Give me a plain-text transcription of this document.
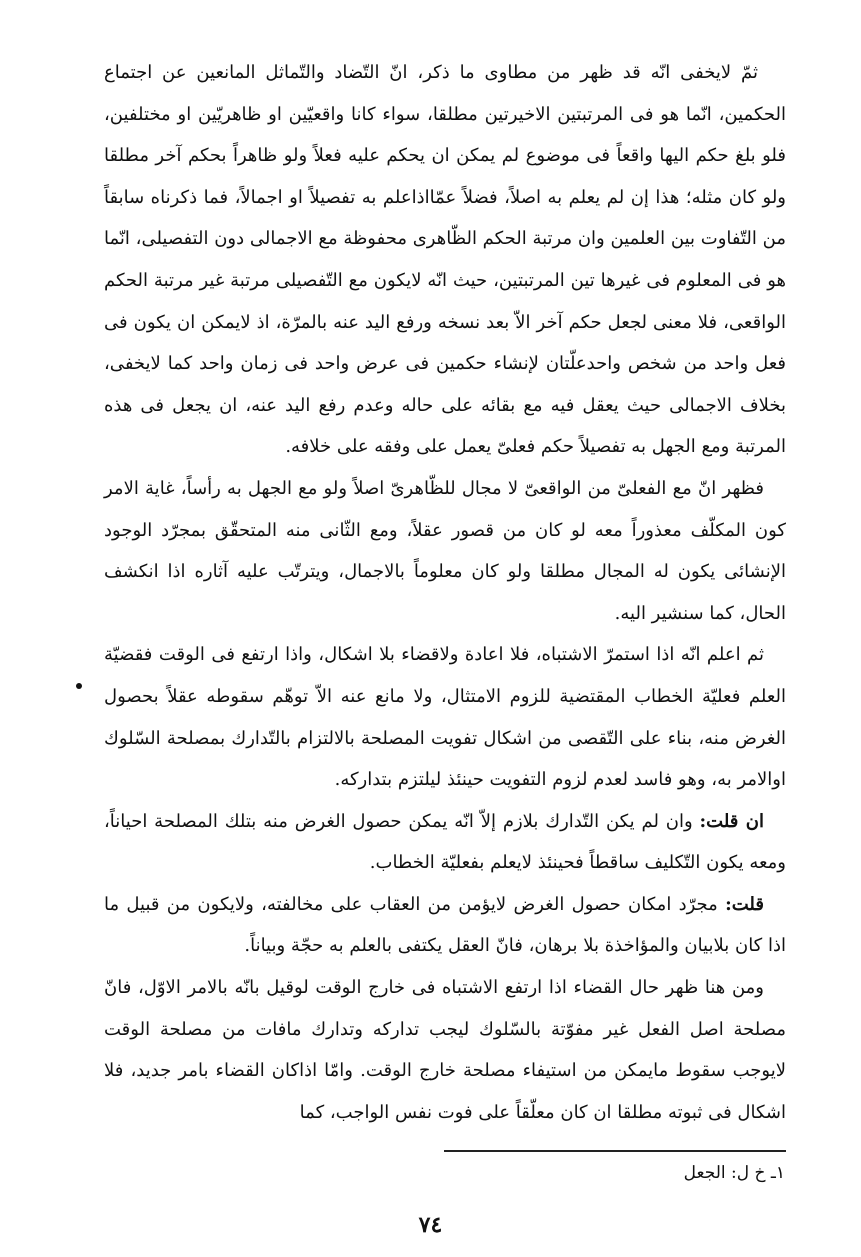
ثمّ لايخفى انّه قد ظهر من مطاوى ما ذكر، انّ التّضاد والتّماثل المانعين عن اجتماع الحكمين، انّما هو فى المرتبتين الاخيرتين مطلقا، سواء كانا واقعيّين او ظاهريّين او مختلفين، فلو بلغ حكم اليها واقعاً فى موضوع لم يمكن ان يحكم عليه فعلاً ولو ظاهراً بحكم آخر مطلقا ولو كان مثله؛ هذا إن لم يعلم به اصلاً، فضلاً عمّااذاعلم به تفصيلاً او اجمالاً، فما ذكرناه سابقاً من التّفاوت بين العلمين وان مرتبة الحكم الظّاهرى محفوظة مع الاجمالى دون التفصيلى، انّما هو فى المعلوم فى غيرها تين المرتبتين، حيث انّه لايكون مع التّفصيلى مرتبة غير مرتبة الحكم الواقعى، فلا معنى لجعل حكم آخر الاّ بعد نسخه ورفع اليد عنه بالمرّة، اذ لايمكن ان يكون فى فعل واحد من شخص واحدعلّتان لإنشاء حكمين فى عرض واحد فى زمان واحد كما لايخفى، بخلاف الاجمالى حيث يعقل فيه مع بقائه على حاله وعدم رفع اليد عنه، ان يجعل فى هذه المرتبة ومع الجهل به تفصيلاً حكم فعلىّ يعمل على وفقه على خلافه.

فظهر انّ مع الفعلىّ من الواقعىّ لا مجال للظّاهرىّ اصلاً ولو مع الجهل به رأساً، غاية الامر كون المكلّف معذوراً معه لو كان من قصور عقلاً، ومع الثّانى منه المتحقّق بمجرّد الوجود الإنشائى يكون له المجال مطلقا ولو كان معلوماً بالاجمال، ويترتّب عليه آثاره اذا انكشف الحال، كما سنشير اليه.

ثم اعلم انّه اذا استمرّ الاشتباه، فلا اعادة ولاقضاء بلا اشكال، واذا ارتفع فى الوقت فقضيّة العلم فعليّة الخطاب المقتضية للزوم الامتثال، ولا مانع عنه الاّ توهّم سقوطه عقلاً بحصول الغرض منه، بناء على التّقصى من اشكال تفويت المصلحة بالالتزام بالتّدارك بمصلحة السّلوك اوالامر به، وهو فاسد لعدم لزوم التفويت حينئذ ليلتزم بتداركه.

ان قلت: وان لم يكن التّدارك بلازم إلاّ انّه يمكن حصول الغرض منه بتلك المصلحة احياناً، ومعه يكون التّكليف ساقطاً فحينئذ لايعلم بفعليّة الخطاب.

قلت: مجرّد امكان حصول الغرض لايؤمن من العقاب على مخالفته، ولايكون من قبيل ما اذا كان بلابيان والمؤاخذة بلا برهان، فانّ العقل يكتفى بالعلم به حجّة وبياناً.

ومن هنا ظهر حال القضاء اذا ارتفع الاشتباه فى خارج الوقت لوقيل بانّه بالامر الاوّل، فانّ مصلحة اصل الفعل غير مفوّتة بالسّلوك ليجب تداركه وتدارك مافات من مصلحة الوقت لايوجب سقوط مايمكن من استيفاء مصلحة خارج الوقت. وامّا اذاكان القضاء بامر جديد، فلا اشكال فى ثبوته مطلقا ان كان معلّقاً على فوت نفس الواجب، كما

١ـ خ ل: الجعل
٧٤
